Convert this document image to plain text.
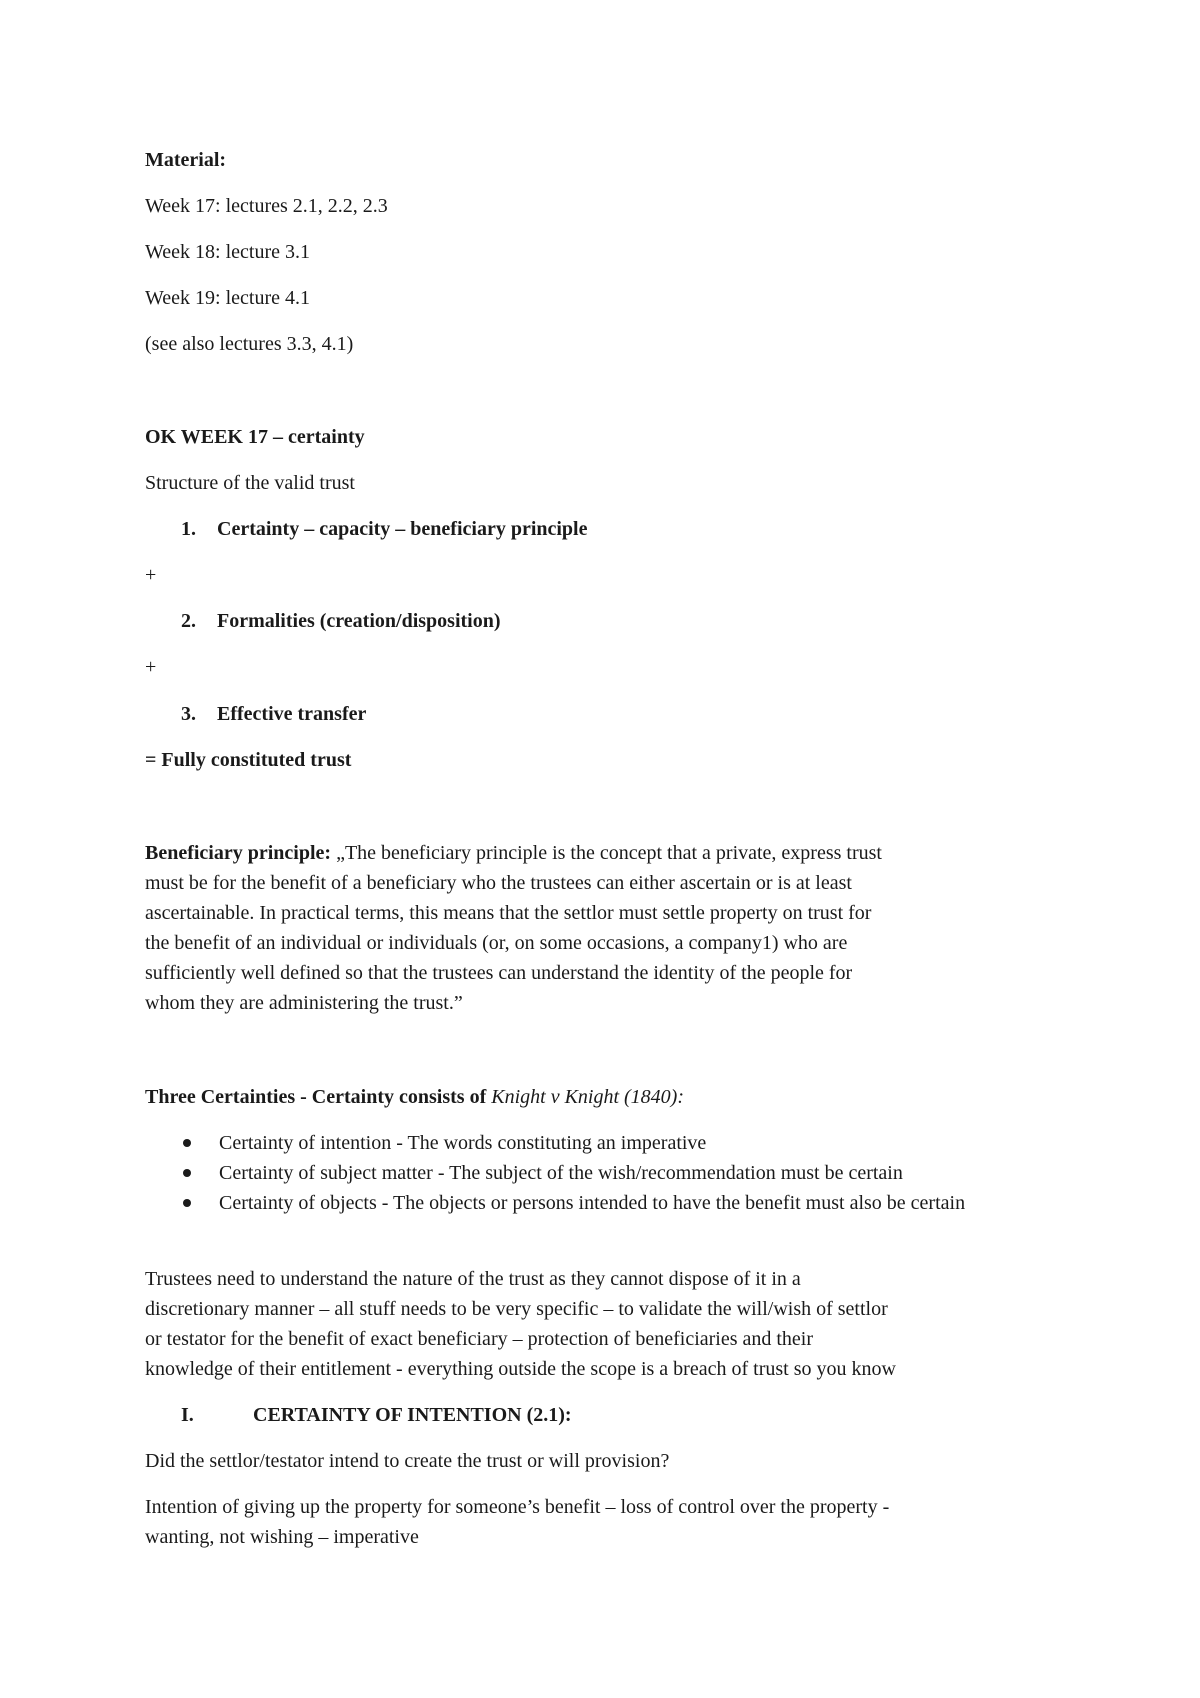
Material:
Week 17: lectures 2.1, 2.2, 2.3
Week 18: lecture 3.1
Week 19: lecture 4.1
(see also lectures 3.3, 4.1)
OK WEEK 17 – certainty
Structure of the valid trust
1. Certainty – capacity – beneficiary principle
+
2. Formalities (creation/disposition)
+
3. Effective transfer
= Fully constituted trust
Beneficiary principle: „The beneficiary principle is the concept that a private, express trust
must be for the benefit of a beneficiary who the trustees can either ascertain or is at least
ascertainable. In practical terms, this means that the settlor must settle property on trust for
the benefit of an individual or individuals (or, on some occasions, a company1) who are
sufficiently well defined so that the trustees can understand the identity of the people for
whom they are administering the trust.”
Three Certainties - Certainty consists of Knight v Knight (1840):
Certainty of intention - The words constituting an imperative
Certainty of subject matter - The subject of the wish/recommendation must be certain
Certainty of objects - The objects or persons intended to have the benefit must also be certain
Trustees need to understand the nature of the trust as they cannot dispose of it in a
discretionary manner – all stuff needs to be very specific – to validate the will/wish of settlor
or testator for the benefit of exact beneficiary – protection of beneficiaries and their
knowledge of their entitlement - everything outside the scope is a breach of trust so you know
I.	CERTAINTY OF INTENTION (2.1):
Did the settlor/testator intend to create the trust or will provision?
Intention of giving up the property for someone’s benefit – loss of control over the property -
wanting, not wishing – imperative
